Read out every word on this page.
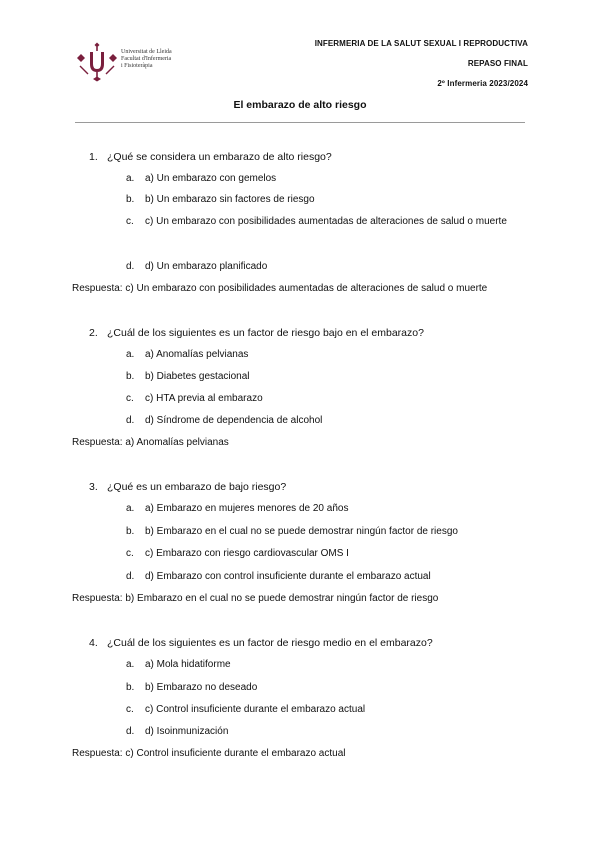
Universitat de Lleida
Facultat d'Infermeria
i Fisioteràpia
INFERMERIA DE LA SALUT SEXUAL I REPRODUCTIVA
REPASO FINAL
2º Infermeria 2023/2024
El embarazo de alto riesgo
1. ¿Qué se considera un embarazo de alto riesgo?
a. a) Un embarazo con gemelos
b. b) Un embarazo sin factores de riesgo
c. c) Un embarazo con posibilidades aumentadas de alteraciones de salud o muerte
d. d) Un embarazo planificado
Respuesta: c) Un embarazo con posibilidades aumentadas de alteraciones de salud o muerte
2. ¿Cuál de los siguientes es un factor de riesgo bajo en el embarazo?
a. a) Anomalías pelvianas
b. b) Diabetes gestacional
c. c) HTA previa al embarazo
d. d) Síndrome de dependencia de alcohol
Respuesta: a) Anomalías pelvianas
3. ¿Qué es un embarazo de bajo riesgo?
a. a) Embarazo en mujeres menores de 20 años
b. b) Embarazo en el cual no se puede demostrar ningún factor de riesgo
c. c) Embarazo con riesgo cardiovascular OMS I
d. d) Embarazo con control insuficiente durante el embarazo actual
Respuesta: b) Embarazo en el cual no se puede demostrar ningún factor de riesgo
4. ¿Cuál de los siguientes es un factor de riesgo medio en el embarazo?
a. a) Mola hidatiforme
b. b) Embarazo no deseado
c. c) Control insuficiente durante el embarazo actual
d. d) Isoinmunización
Respuesta: c) Control insuficiente durante el embarazo actual
